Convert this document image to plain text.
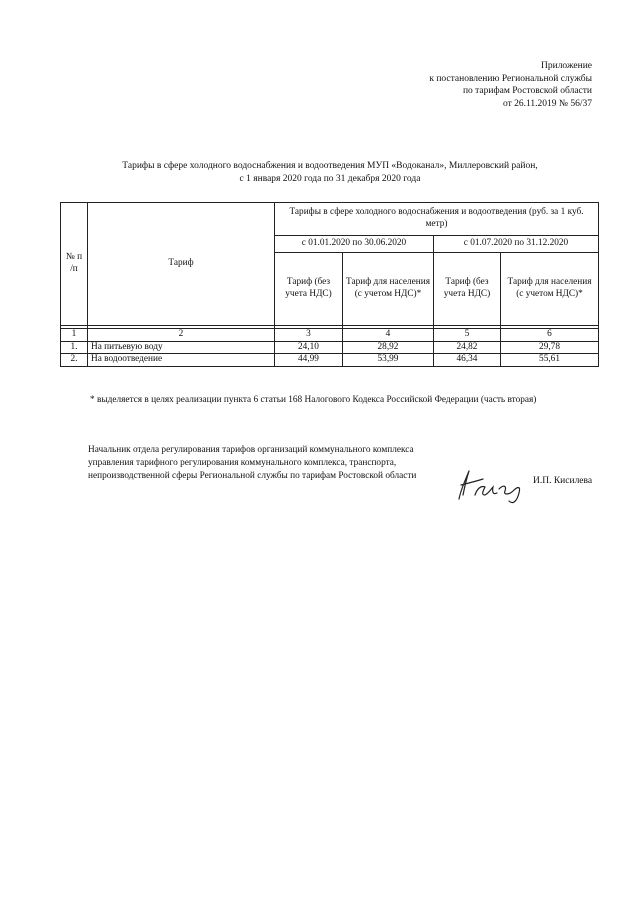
Приложение
к постановлению Региональной службы
по тарифам Ростовской области
от 26.11.2019 № 56/37
Тарифы в сфере холодного водоснабжения и водоотведения МУП «Водоканал», Миллеровский район,
с 1 января 2020 года по 31 декабря 2020 года
№ п /п	Тариф	Тарифы в сфере холодного водоснабжения и водоотведения (руб. за 1 куб. метр)			
		с 01.01.2020 по 30.06.2020		с 01.07.2020 по 31.12.2020	
		Тариф (без учета НДС)	Тариф для населения (с учетом НДС)*	Тариф (без учета НДС)	Тариф для населения (с учетом НДС)*

1	2	3	4	5	6
1.	На питьевую воду	24,10	28,92	24,82	29,78
2.	На водоотведение	44,99	53,99	46,34	55,61
* выделяется в целях реализации пункта 6 статьи 168 Налогового Кодекса Российской Федерации (часть вторая)
Начальник отдела регулирования тарифов организаций коммунального комплекса
управления тарифного регулирования коммунального комплекса, транспорта,
непроизводственной сферы Региональной службы по тарифам Ростовской области	И.П. Кисилева
